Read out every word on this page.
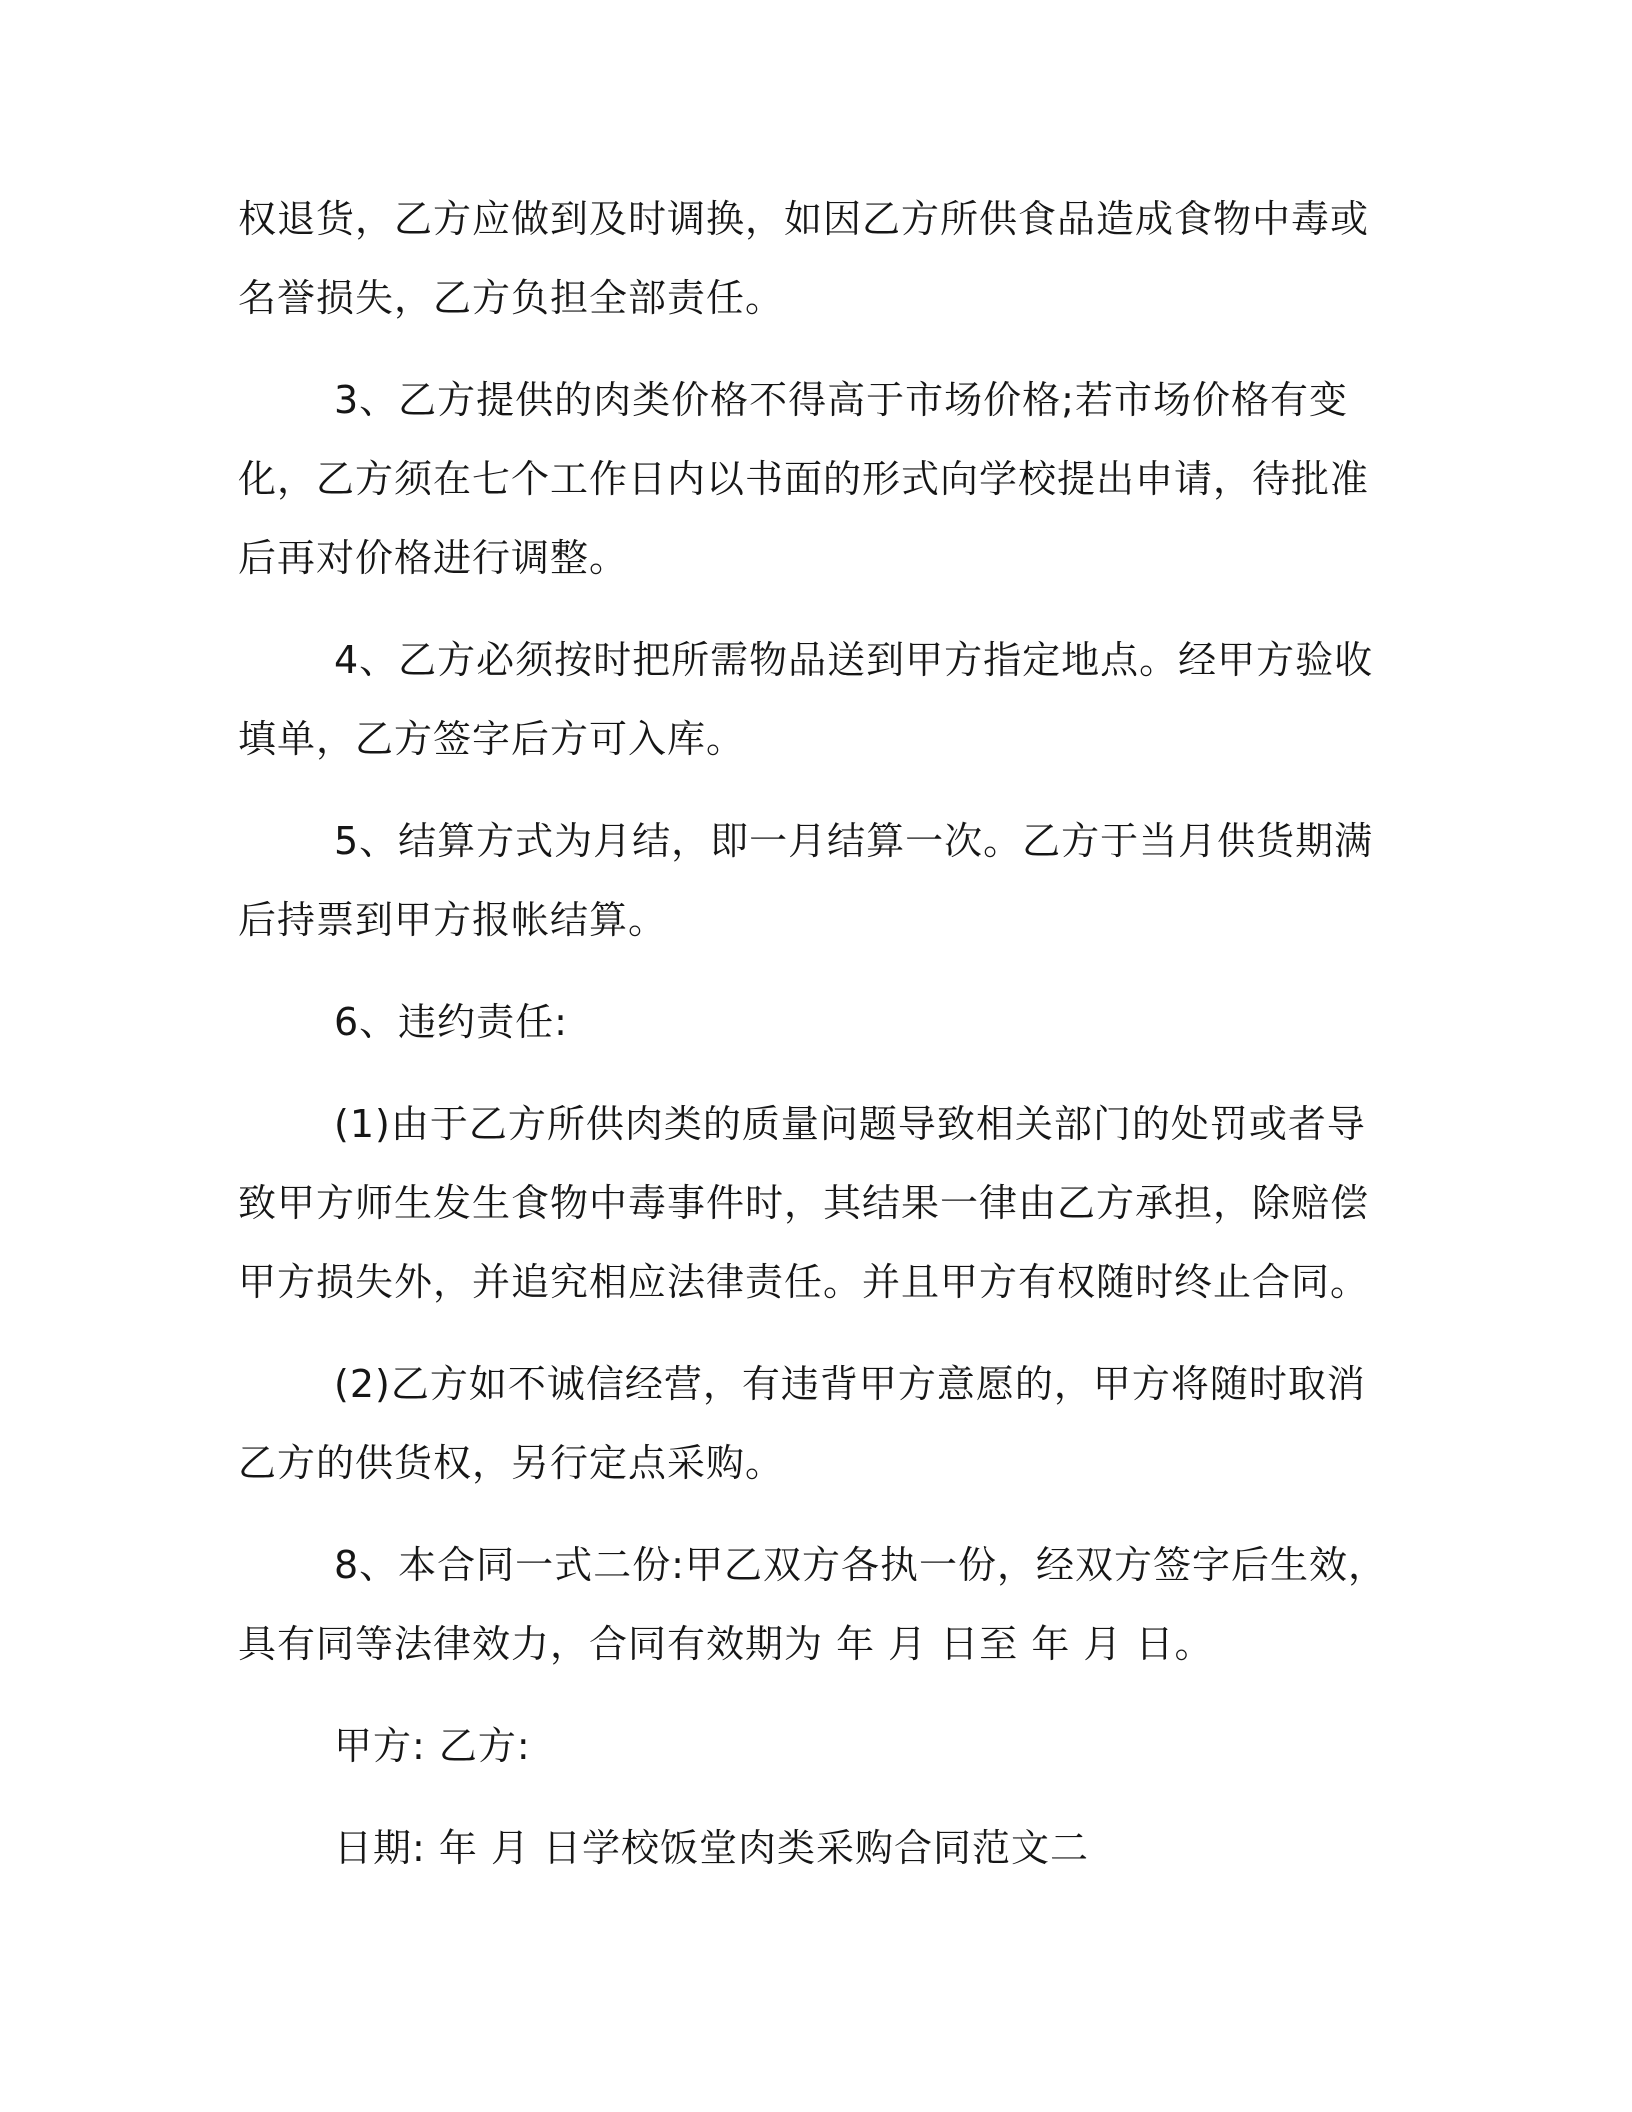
权退货，乙方应做到及时调换，如因乙方所供食品造成食物中毒或名誉损失，乙方负担全部责任。

3、乙方提供的肉类价格不得高于市场价格;若市场价格有变化，乙方须在七个工作日内以书面的形式向学校提出申请，待批准后再对价格进行调整。

4、乙方必须按时把所需物品送到甲方指定地点。经甲方验收填单，乙方签字后方可入库。

5、结算方式为月结，即一月结算一次。乙方于当月供货期满后持票到甲方报帐结算。

6、违约责任:

(1)由于乙方所供肉类的质量问题导致相关部门的处罚或者导致甲方师生发生食物中毒事件时，其结果一律由乙方承担，除赔偿甲方损失外，并追究相应法律责任。并且甲方有权随时终止合同。

(2)乙方如不诚信经营，有违背甲方意愿的，甲方将随时取消乙方的供货权，另行定点采购。

8、本合同一式二份:甲乙双方各执一份，经双方签字后生效，具有同等法律效力，合同有效期为 年 月 日至 年 月 日。

甲方: 乙方:

日期: 年 月 日学校饭堂肉类采购合同范文二
